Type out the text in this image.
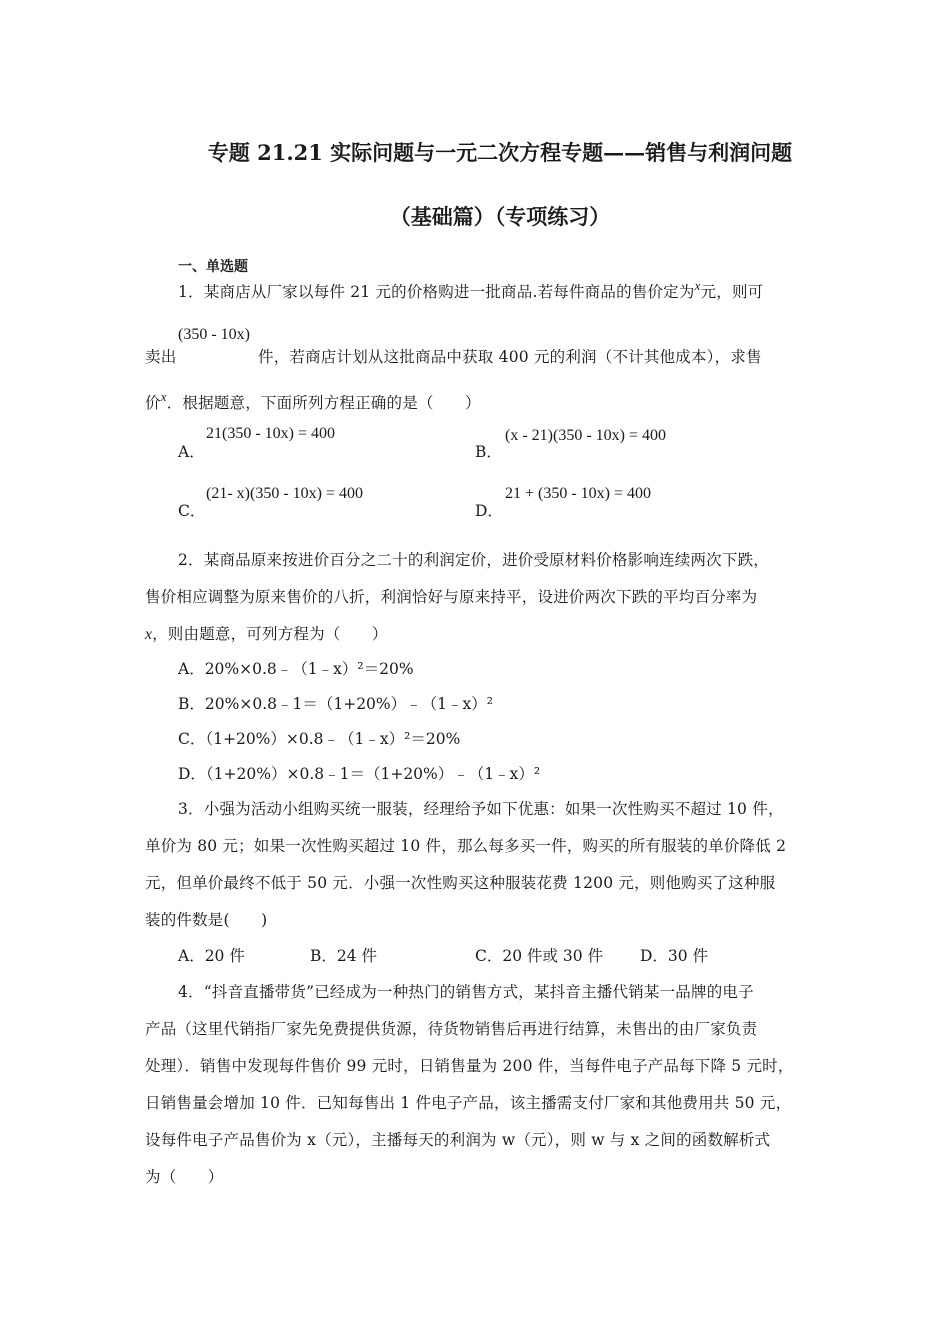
专题 21.21 实际问题与一元二次方程专题——销售与利润问题
（基础篇）（专项练习）
一、单选题
1．某商店从厂家以每件 21 元的价格购进一批商品.若每件商品的售价定为$^x$元，则可
卖出
(350 - 10x)
件，若商店计划从这批商品中获取 400 元的利润（不计其他成本），求售
价$^x$．根据题意，下面所列方程正确的是（　　）
A．
21(350 - 10x) = 400
B．
(x - 21)(350 - 10x) = 400
C．
(21- x)(350 - 10x) = 400
D．
21 + (350 - 10x) = 400
2．某商品原来按进价百分之二十的利润定价，进价受原材料价格影响连续两次下跌，
售价相应调整为原来售价的八折，利润恰好与原来持平，设进价两次下跌的平均百分率为
x，则由题意，可列方程为（　　）
A．20%×0.8﹣（1﹣x）²＝20%
B．20%×0.8﹣1＝（1+20%）﹣（1﹣x）²
C．（1+20%）×0.8﹣（1﹣x）²＝20%
D．（1+20%）×0.8﹣1＝（1+20%）﹣（1﹣x）²
3．小强为活动小组购买统一服装，经理给予如下优惠：如果一次性购买不超过 10 件，
单价为 80 元；如果一次性购买超过 10 件，那么每多买一件，购买的所有服装的单价降低 2
元，但单价最终不低于 50 元．小强一次性购买这种服装花费 1200 元，则他购买了这种服
装的件数是(　　)
A．20 件	B．24 件	C．20 件或 30 件 D．30 件
4．“抖音直播带货”已经成为一种热门的销售方式，某抖音主播代销某一品牌的电子
产品（这里代销指厂家先免费提供货源，待货物销售后再进行结算，未售出的由厂家负责
处理）．销售中发现每件售价 99 元时，日销售量为 200 件，当每件电子产品每下降 5 元时，
日销售量会增加 10 件．已知每售出 1 件电子产品，该主播需支付厂家和其他费用共 50 元，
设每件电子产品售价为 x（元），主播每天的利润为 w（元），则 w 与 x 之间的函数解析式
为（　　）
